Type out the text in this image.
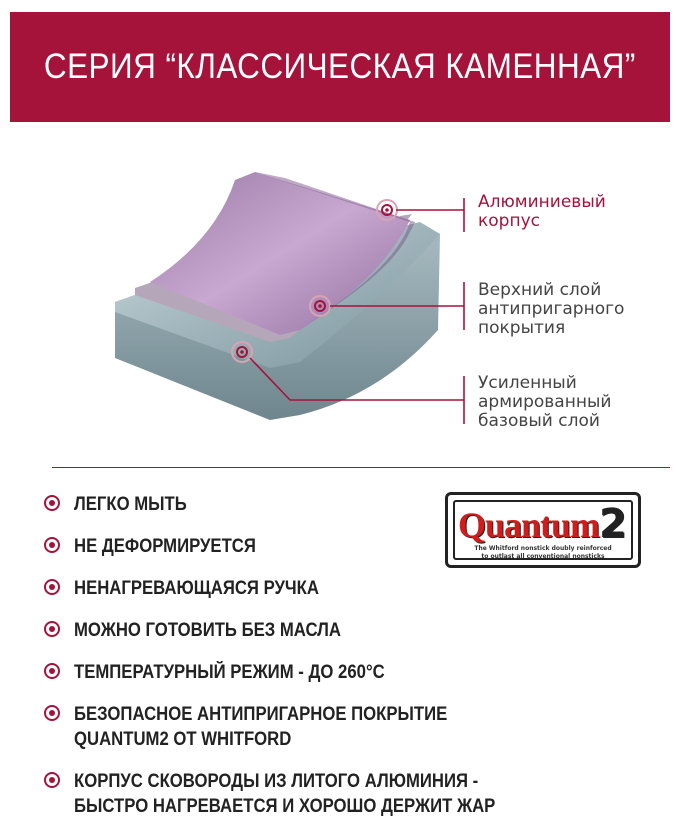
СЕРИЯ “КЛАССИЧЕСКАЯ КАМЕННАЯ”
Алюминиевый
корпус
Верхний слой
антипригарного
покрытия
Усиленный
армированный
базовый слой
ЛЕГКО МЫТЬ
НЕ ДЕФОРМИРУЕТСЯ
НЕНАГРЕВАЮЩАЯСЯ РУЧКА
МОЖНО ГОТОВИТЬ БЕЗ МАСЛА
ТЕМПЕРАТУРНЫЙ РЕЖИМ - ДО 260°С
БЕЗОПАСНОЕ АНТИПРИГАРНОЕ ПОКРЫТИЕ
QUANTUM2 ОТ WHITFORD
КОРПУС СКОВОРОДЫ ИЗ ЛИТОГО АЛЮМИНИЯ -
БЫСТРО НАГРЕВАЕТСЯ И ХОРОШО ДЕРЖИТ ЖАР
Quantum2
The Whitford nonstick doubly reinforced
to outlast all conventional nonsticks
